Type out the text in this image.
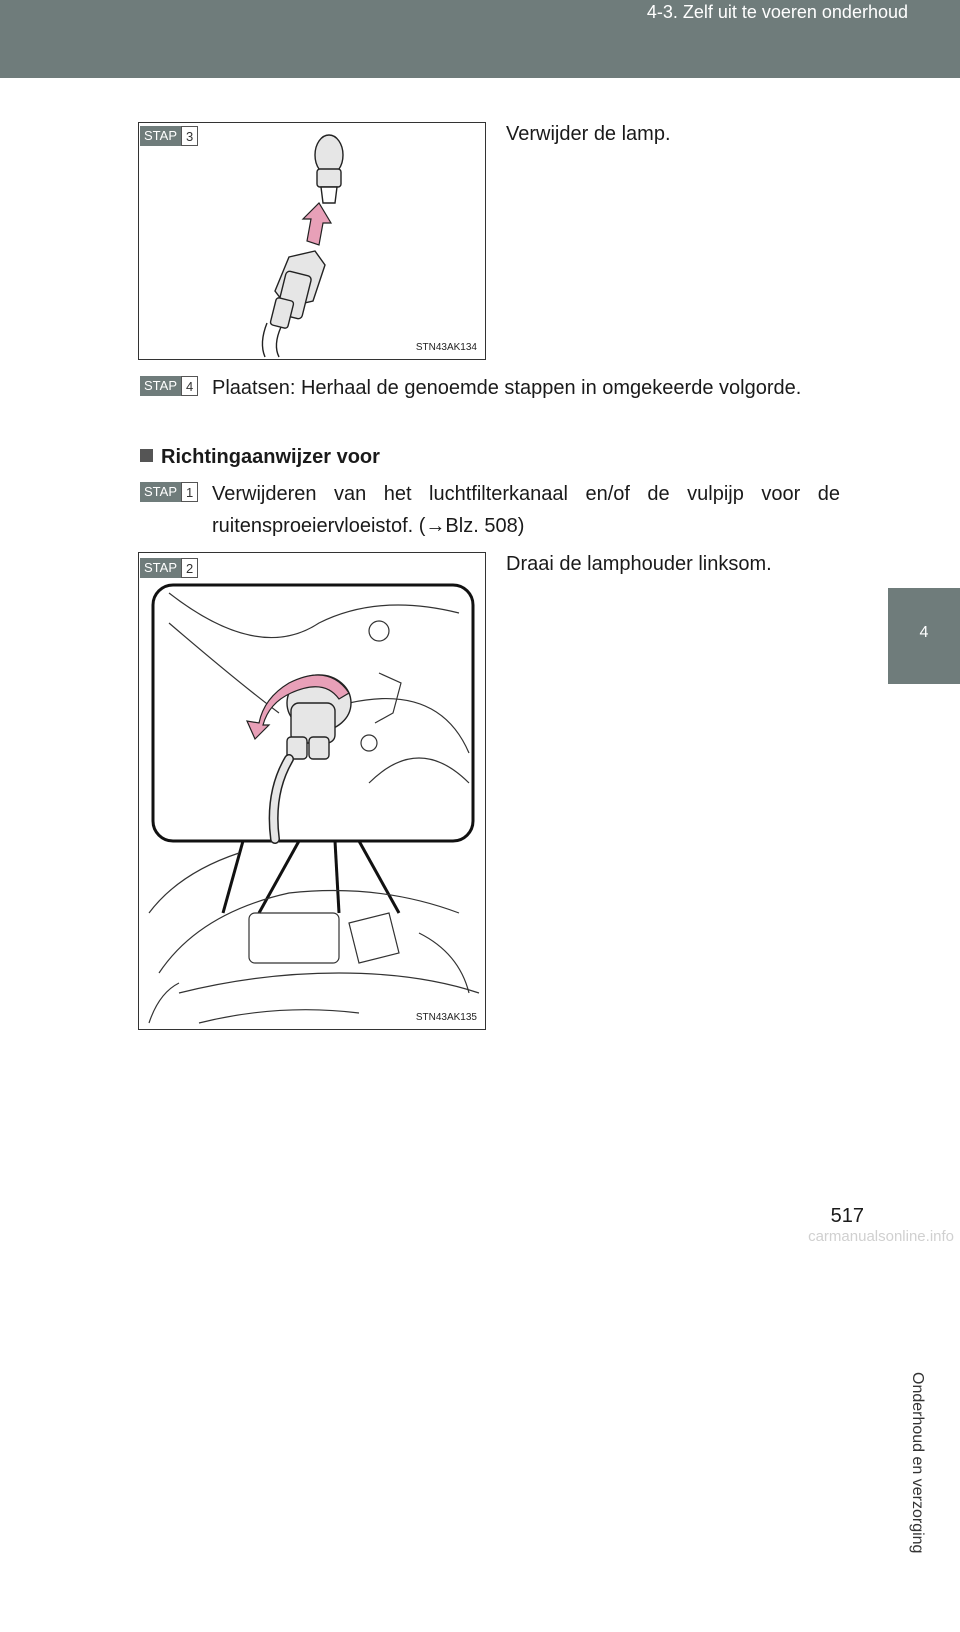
4-3. Zelf uit te voeren onderhoud
4
Onderhoud en verzorging
STN43AK134
STAP 3	Verwijder de lamp.
STAP 4 Plaatsen: Herhaal de genoemde stappen in omgekeerde volgorde.
Richtingaanwijzer voor
STAP 1 Verwijderen van het luchtfilterkanaal en/of de vulpijp voor de ruitensproeiervloeistof. (→Blz. 508)
STN43AK135
STAP 2	Draai de lamphouder linksom.
517
carmanualsonline.info
